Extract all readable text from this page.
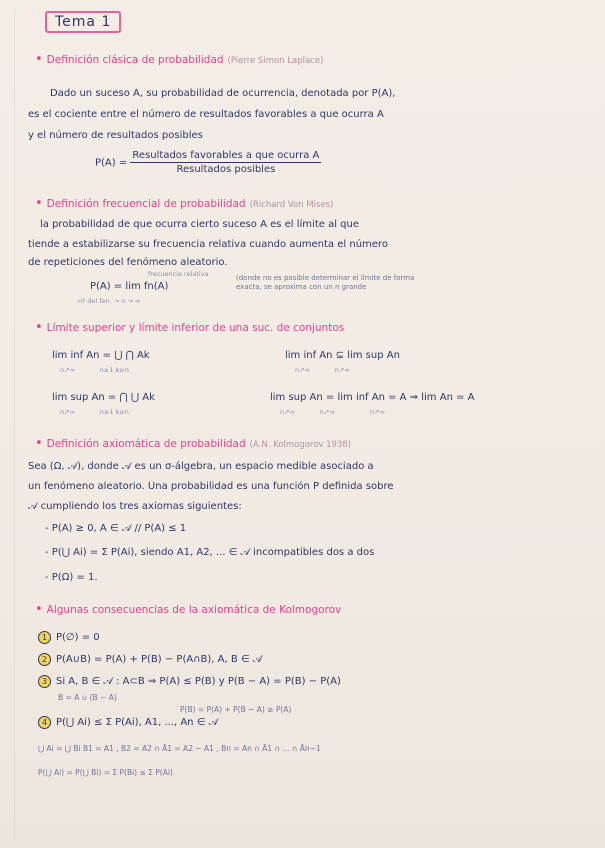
Tema 1
• Definición clásica de probabilidad (Pierre Simon Laplace)
Dado un suceso A, su probabilidad de ocurrencia, denotada por P(A),
es el cociente entre el número de resultados favorables a que ocurra A
y el número de resultados posibles
$P(A) = \frac{\text{Resultados favorables a que ocurra A}}{\text{Resultados posibles}}$
• Definición frecuencial de probabilidad (Richard Von Mises)
la probabilidad de que ocurra cierto suceso A es el límite al que
tiende a estabilizarse su frecuencia relativa cuando aumenta el número
de repeticiones del fenómeno aleatorio.
frecuencia relativa
P(A) = lim fn(A)
nº del fen. → n → ∞
(donde no es posible determinar el límite de forma
exacta, se aproxima con un n grande
• Límite superior y límite inferior de una suc. de conjuntos
lim inf An = ⋃ ⋂ Ak
n↗∞            n≥1 k≥n
lim inf An ⊆ lim sup An
n↗∞            n↗∞
lim sup An = ⋂ ⋃ Ak
n↗∞            n≥1 k≥n
lim sup An = lim inf An = A ⇒ lim An = A
n↗∞            n↗∞                 n↗∞
• Definición axiomática de probabilidad (A.N. Kolmogorov 1938)
Sea (Ω, 𝒜), donde 𝒜 es un σ-álgebra, un espacio medible asociado a
un fenómeno aleatorio. Una probabilidad es una función P definida sobre
𝒜 cumpliendo los tres axiomas siguientes:
- P(A) ≥ 0, A ∈ 𝒜 // P(A) ≤ 1
- P(⋃ Ai) = Σ P(Ai), siendo A1, A2, ... ∈ 𝒜 incompatibles dos a dos
- P(Ω) = 1.
• Algunas consecuencias de la axiomática de Kolmogorov
1 P(∅) = 0
2 P(A∪B) = P(A) + P(B) − P(A∩B), A, B ∈ 𝒜
3 Si A, B ∈ 𝒜 : A⊂B ⇒ P(A) ≤ P(B) y P(B − A) = P(B) − P(A)
B = A ∪ (B − A)
P(B) = P(A) + P(B − A) ≥ P(A)
4 P(⋃ Ai) ≤ Σ P(Ai), A1, ..., An ∈ 𝒜
⋃ Ai = ⋃ Bi B1 = A1 , B2 = A2 ∩ Ā1 = A2 − A1 , Bn = An ∩ Ā1 ∩ ... ∩ Ān−1
P(⋃ Ai) = P(⋃ Bi) = Σ P(Bi) ≤ Σ P(Ai)
